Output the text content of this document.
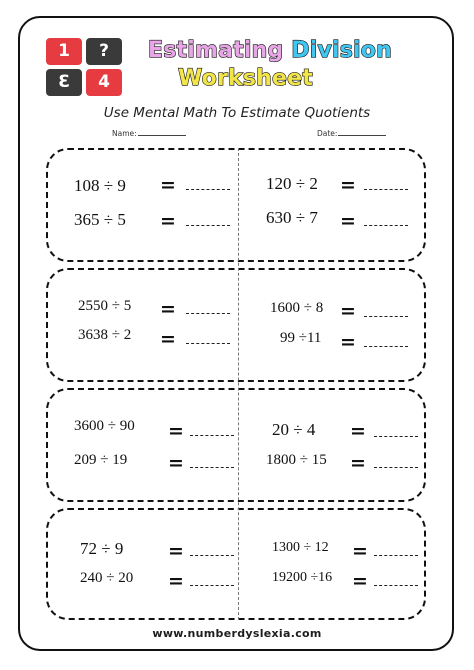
1	?
3	4
Estimating Division
Worksheet
Use Mental Math To Estimate Quotients
Name:	Date:
108 ÷ 9 =	120 ÷ 2 =
365 ÷ 5 =	630 ÷ 7 =
2550 ÷ 5 =	1600 ÷ 8 =
3638 ÷ 2 =	99 ÷11 =
3600 ÷ 90 =	20 ÷ 4 =
209 ÷ 19 =	1800 ÷ 15 =
72 ÷ 9 =	1300 ÷ 12 =
240 ÷ 20 =	19200 ÷16 =
www.numberdyslexia.com
